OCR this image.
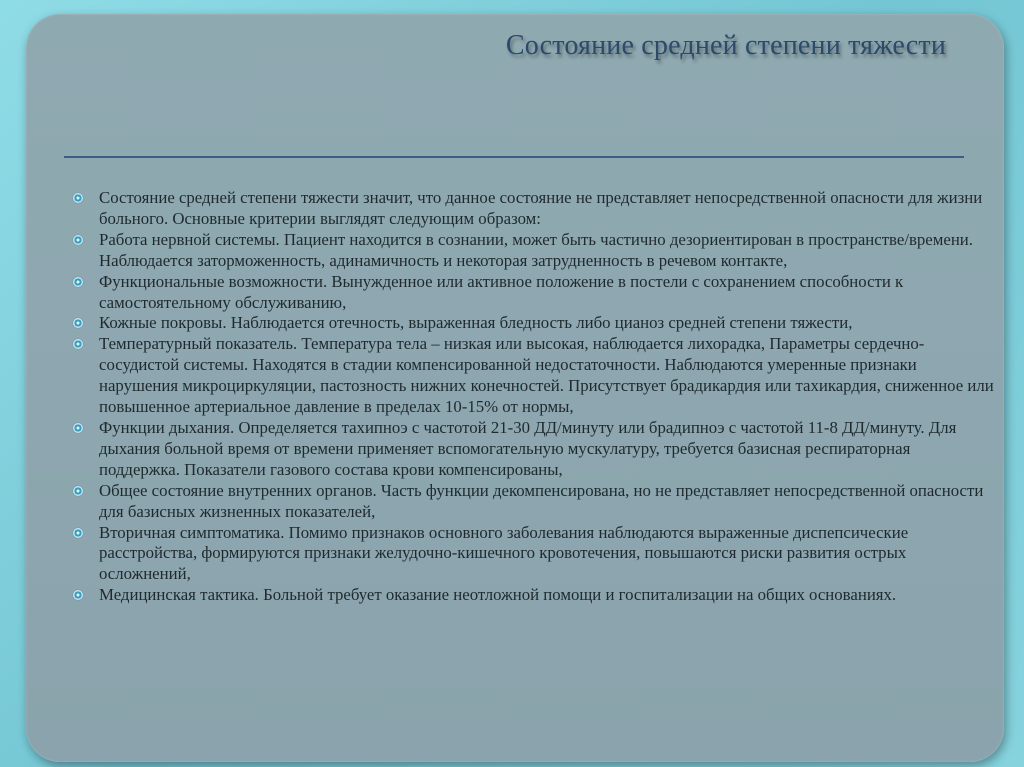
Состояние средней степени тяжести
Состояние средней степени тяжести значит, что данное состояние не представляет непосредственной опасности для жизни больного. Основные критерии выглядят следующим образом:
Работа нервной системы. Пациент находится в сознании, может быть частично дезориентирован в пространстве/времени. Наблюдается заторможенность, адинамичность и некоторая затрудненность в речевом контакте,
Функциональные возможности. Вынужденное или активное положение в постели с сохранением способности к самостоятельному обслуживанию,
Кожные покровы. Наблюдается отечность, выраженная бледность либо цианоз средней степени тяжести,
Температурный показатель. Температура тела – низкая или высокая, наблюдается лихорадка, Параметры сердечно-сосудистой системы. Находятся в стадии компенсированной недостаточности. Наблюдаются умеренные признаки нарушения микроциркуляции, пастозность нижних конечностей. Присутствует брадикардия или тахикардия, сниженное или повышенное артериальное давление в пределах 10-15% от нормы,
Функции дыхания. Определяется тахипноэ с частотой 21-30 ДД/минуту или брадипноэ с частотой 11-8 ДД/минуту. Для дыхания больной время от времени применяет вспомогательную мускулатуру, требуется базисная респираторная поддержка. Показатели газового состава крови компенсированы,
Общее состояние внутренних органов. Часть функции декомпенсирована, но не представляет непосредственной опасности для базисных жизненных показателей,
Вторичная симптоматика. Помимо признаков основного заболевания наблюдаются выраженные диспепсические расстройства, формируются признаки желудочно-кишечного кровотечения, повышаются риски развития острых осложнений,
Медицинская тактика. Больной требует оказание неотложной помощи и госпитализации на общих основаниях.
